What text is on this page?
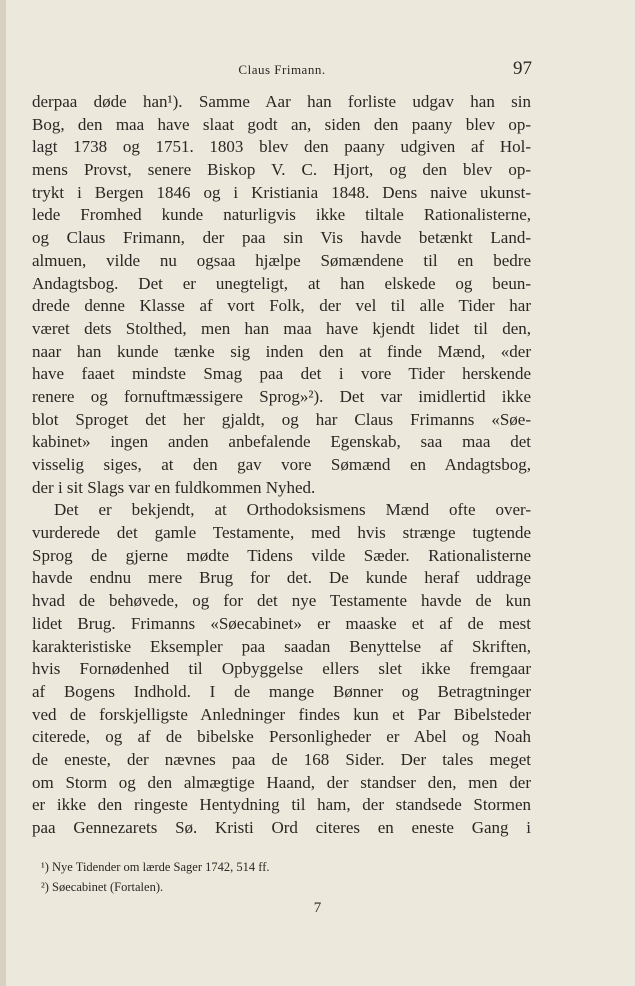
Claus Frimann.	97
derpaa døde han¹). Samme Aar han forliste udgav han sin
Bog, den maa have slaat godt an, siden den paany blev op-
lagt 1738 og 1751. 1803 blev den paany udgiven af Hol-
mens Provst, senere Biskop V. C. Hjort, og den blev op-
trykt i Bergen 1846 og i Kristiania 1848. Dens naive ukunst-
lede Fromhed kunde naturligvis ikke tiltale Rationalisterne,
og Claus Frimann, der paa sin Vis havde betænkt Land-
almuen, vilde nu ogsaa hjælpe Sømændene til en bedre
Andagtsbog. Det er unegteligt, at han elskede og beun-
drede denne Klasse af vort Folk, der vel til alle Tider har
været dets Stolthed, men han maa have kjendt lidet til den,
naar han kunde tænke sig inden den at finde Mænd, «der
have faaet mindste Smag paa det i vore Tider herskende
renere og fornuftmæssigere Sprog»²). Det var imidlertid ikke
blot Sproget det her gjaldt, og har Claus Frimanns «Søe-
kabinet» ingen anden anbefalende Egenskab, saa maa det
visselig siges, at den gav vore Sømænd en Andagtsbog,
der i sit Slags var en fuldkommen Nyhed.
Det er bekjendt, at Orthodoksismens Mænd ofte over-
vurderede det gamle Testamente, med hvis strænge tugtende
Sprog de gjerne mødte Tidens vilde Sæder. Rationalisterne
havde endnu mere Brug for det. De kunde heraf uddrage
hvad de behøvede, og for det nye Testamente havde de kun
lidet Brug. Frimanns «Søecabinet» er maaske et af de mest
karakteristiske Eksempler paa saadan Benyttelse af Skriften,
hvis Fornødenhed til Opbyggelse ellers slet ikke fremgaar
af Bogens Indhold. I de mange Bønner og Betragtninger
ved de forskjelligste Anledninger findes kun et Par Bibelsteder
citerede, og af de bibelske Personligheder er Abel og Noah
de eneste, der nævnes paa de 168 Sider. Der tales meget
om Storm og den almægtige Haand, der standser den, men der
er ikke den ringeste Hentydning til ham, der standsede Stormen
paa Gennezarets Sø. Kristi Ord citeres en eneste Gang i
¹) Nye Tidender om lærde Sager 1742, 514 ff.
²) Søecabinet (Fortalen).
7
